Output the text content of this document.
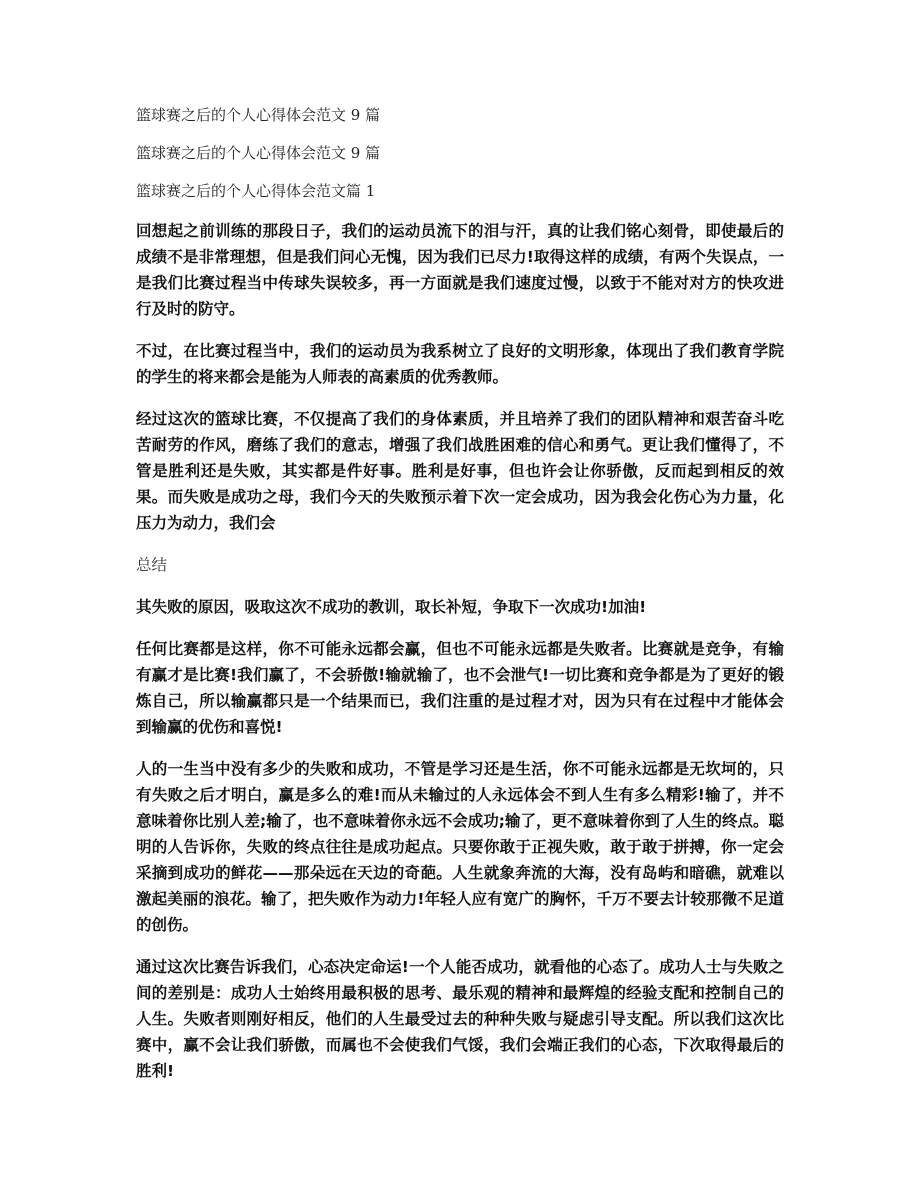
篮球赛之后的个人心得体会范文 9 篇

篮球赛之后的个人心得体会范文 9 篇

篮球赛之后的个人心得体会范文篇 1

回想起之前训练的那段日子，我们的运动员流下的泪与汗，真的让我们铭心刻骨，即使最后的成绩不是非常理想，但是我们问心无愧，因为我们已尽力!取得这样的成绩，有两个失误点，一是我们比赛过程当中传球失误较多，再一方面就是我们速度过慢，以致于不能对对方的快攻进行及时的防守。

不过，在比赛过程当中，我们的运动员为我系树立了良好的文明形象，体现出了我们教育学院的学生的将来都会是能为人师表的高素质的优秀教师。

经过这次的篮球比赛，不仅提高了我们的身体素质，并且培养了我们的团队精神和艰苦奋斗吃苦耐劳的作风，磨练了我们的意志，增强了我们战胜困难的信心和勇气。更让我们懂得了，不管是胜利还是失败，其实都是件好事。胜利是好事，但也许会让你骄傲，反而起到相反的效果。而失败是成功之母，我们今天的失败预示着下次一定会成功，因为我会化伤心为力量，化压力为动力，我们会

总结

其失败的原因，吸取这次不成功的教训，取长补短，争取下一次成功!加油!

任何比赛都是这样，你不可能永远都会赢，但也不可能永远都是失败者。比赛就是竞争，有输有赢才是比赛!我们赢了，不会骄傲!输就输了，也不会泄气!一切比赛和竞争都是为了更好的锻炼自己，所以输赢都只是一个结果而已，我们注重的是过程才对，因为只有在过程中才能体会到输赢的优伤和喜悦!

人的一生当中没有多少的失败和成功，不管是学习还是生活，你不可能永远都是无坎坷的，只有失败之后才明白，赢是多么的难!而从未输过的人永远体会不到人生有多么精彩!输了，并不意味着你比别人差;输了，也不意味着你永远不会成功;输了，更不意味着你到了人生的终点。聪明的人告诉你，失败的终点往往是成功起点。只要你敢于正视失败，敢于敢于拼搏，你一定会采摘到成功的鲜花——那朵远在天边的奇葩。人生就象奔流的大海，没有岛屿和暗礁，就难以激起美丽的浪花。输了，把失败作为动力!年轻人应有宽广的胸怀，千万不要去计较那微不足道的创伤。

通过这次比赛告诉我们，心态决定命运!一个人能否成功，就看他的心态了。成功人士与失败之间的差别是：成功人士始终用最积极的思考、最乐观的精神和最辉煌的经验支配和控制自己的人生。失败者则刚好相反，他们的人生最受过去的种种失败与疑虑引导支配。所以我们这次比赛中，赢不会让我们骄傲，而属也不会使我们气馁，我们会端正我们的心态，下次取得最后的胜利!
